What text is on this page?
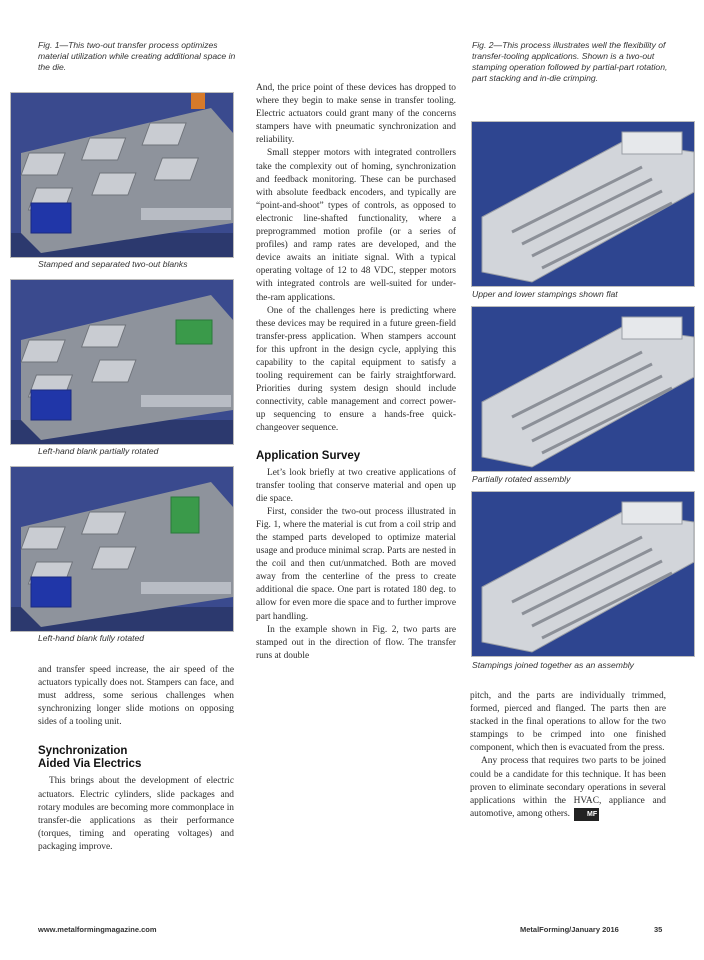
Fig. 1—This two-out transfer process optimizes material utilization while creating additional space in the die.
Stamped and separated two-out blanks
Left-hand blank partially rotated
Left-hand blank fully rotated
Fig. 2—This process illustrates well the flexibility of transfer-tooling applications. Shown is a two-out stamping operation followed by partial-part rotation, part stacking and in-die crimping.
Upper and lower stampings shown flat
Partially rotated assembly
Stampings joined together as an assembly

and transfer speed increase, the air speed of the actuators typically does not. Stampers can face, and must address, some serious challenges when synchronizing longer slide motions on opposing sides of a tooling unit.

Synchronization
Aided Via Electrics

This brings about the development of electric actuators. Electric cylinders, slide packages and rotary modules are becoming more commonplace in transfer-die applications as their performance (torques, timing and operating voltages) and packaging improve.

And, the price point of these devices has dropped to where they begin to make sense in transfer tooling. Electric actuators could grant many of the concerns stampers have with pneumatic synchronization and reliability.

Small stepper motors with integrated controllers take the complexity out of homing, synchronization and feedback monitoring. These can be purchased with absolute feedback encoders, and typically are “point-and-shoot” types of controls, as opposed to electronic line-shafted functionality, where a preprogrammed motion profile (or a series of profiles) and ramp rates are developed, and the device awaits an initiate signal. With a typical operating voltage of 12 to 48 VDC, stepper motors with integrated controls are well-suited for under-the-ram applications.

One of the challenges here is predicting where these devices may be required in a future green-field transfer-press application. When stampers account for this upfront in the design cycle, applying this capability to the capital equipment to satisfy a tooling requirement can be fairly straightforward. Priorities during system design should include connectivity, cable management and correct power-up sequencing to ensure a hands-free quick-changeover sequence.

Application Survey

Let’s look briefly at two creative applications of transfer tooling that conserve material and open up die space.

First, consider the two-out process illustrated in Fig. 1, where the material is cut from a coil strip and the stamped parts developed to optimize material usage and produce minimal scrap. Parts are nested in the coil and then cut/unmatched. Both are moved away from the centerline of the press to create additional die space. One part is rotated 180 deg. to allow for even more die space and to further improve part handling.

In the example shown in Fig. 2, two parts are stamped out in the direction of flow. The transfer runs at double

pitch, and the parts are individually trimmed, formed, pierced and flanged. The parts then are stacked in the final operations to allow for the two stampings to be crimped into one finished component, which then is evacuated from the press.

Any process that requires two parts to be joined could be a candidate for this technique. It has been proven to eliminate secondary operations in several applications within the HVAC, appliance and automotive, among others. MF

www.metalformingmagazine.com	MetalForming/January 2016	35
